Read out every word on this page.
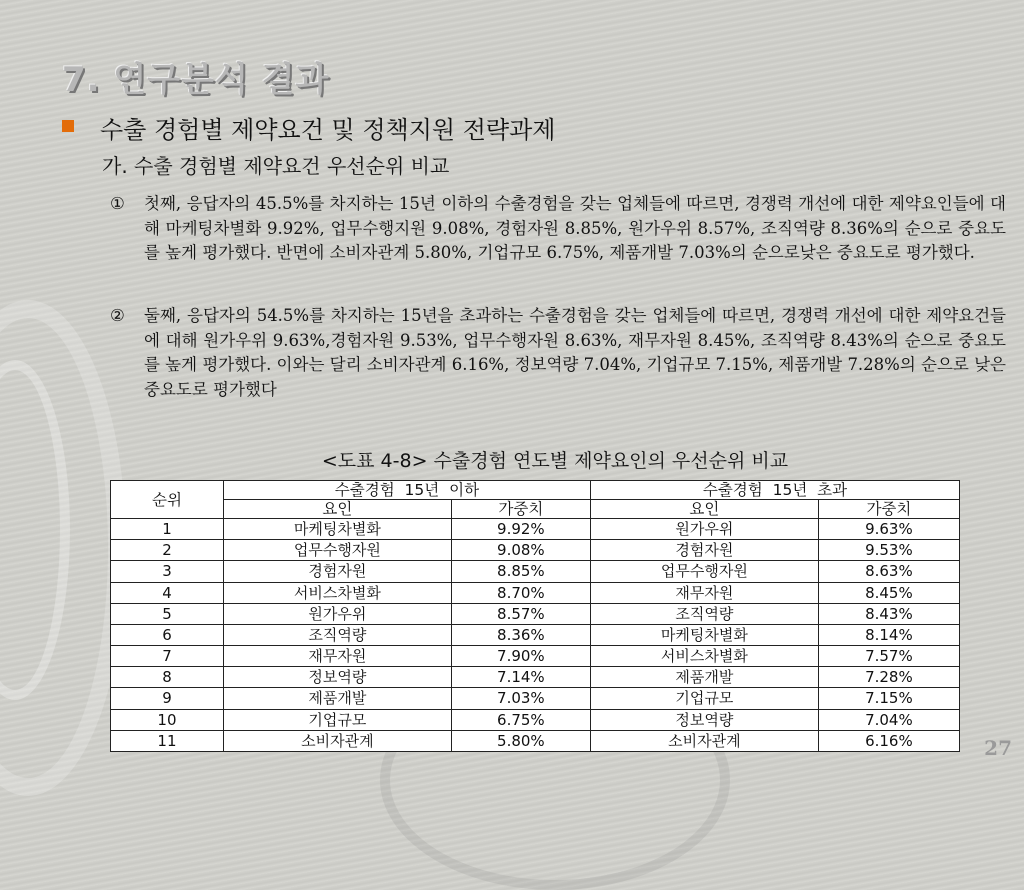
7. 연구분석 결과
수출 경험별 제약요건 및 정책지원 전략과제
가. 수출 경험별 제약요건 우선순위 비교
①	첫째, 응답자의 45.5%를 차지하는 15년 이하의 수출경험을 갖는 업체들에 따르면, 경쟁력 개선에 대한 제약요인들에 대해 마케팅차별화 9.92%, 업무수행지원 9.08%, 경험자원 8.85%, 원가우위 8.57%, 조직역량 8.36%의 순으로 중요도를 높게 평가했다. 반면에 소비자관계 5.80%, 기업규모 6.75%, 제품개발 7.03%의 순으로낮은 중요도로 평가했다.
②	둘째, 응답자의 54.5%를 차지하는 15년을 초과하는 수출경험을 갖는 업체들에 따르면, 경쟁력 개선에 대한 제약요건들에 대해 원가우위 9.63%,경험자원 9.53%, 업무수행자원 8.63%, 재무자원 8.45%, 조직역량 8.43%의 순으로 중요도를 높게 평가했다. 이와는 달리 소비자관계 6.16%, 정보역량 7.04%, 기업규모 7.15%, 제품개발 7.28%의 순으로 낮은 중요도로 평가했다
<도표 4-8> 수출경험 연도별 제약요인의 우선순위 비교
순위	수출경험  15년  이하		수출경험  15년  초과	
	요인	가중치	요인	가중치
1	마케팅차별화	9.92%	원가우위	9.63%
2	업무수행자원	9.08%	경험자원	9.53%
3	경험자원	8.85%	업무수행자원	8.63%
4	서비스차별화	8.70%	재무자원	8.45%
5	원가우위	8.57%	조직역량	8.43%
6	조직역량	8.36%	마케팅차별화	8.14%
7	재무자원	7.90%	서비스차별화	7.57%
8	정보역량	7.14%	제품개발	7.28%
9	제품개발	7.03%	기업규모	7.15%
10	기업규모	6.75%	정보역량	7.04%
11	소비자관계	5.80%	소비자관계	6.16%	27
